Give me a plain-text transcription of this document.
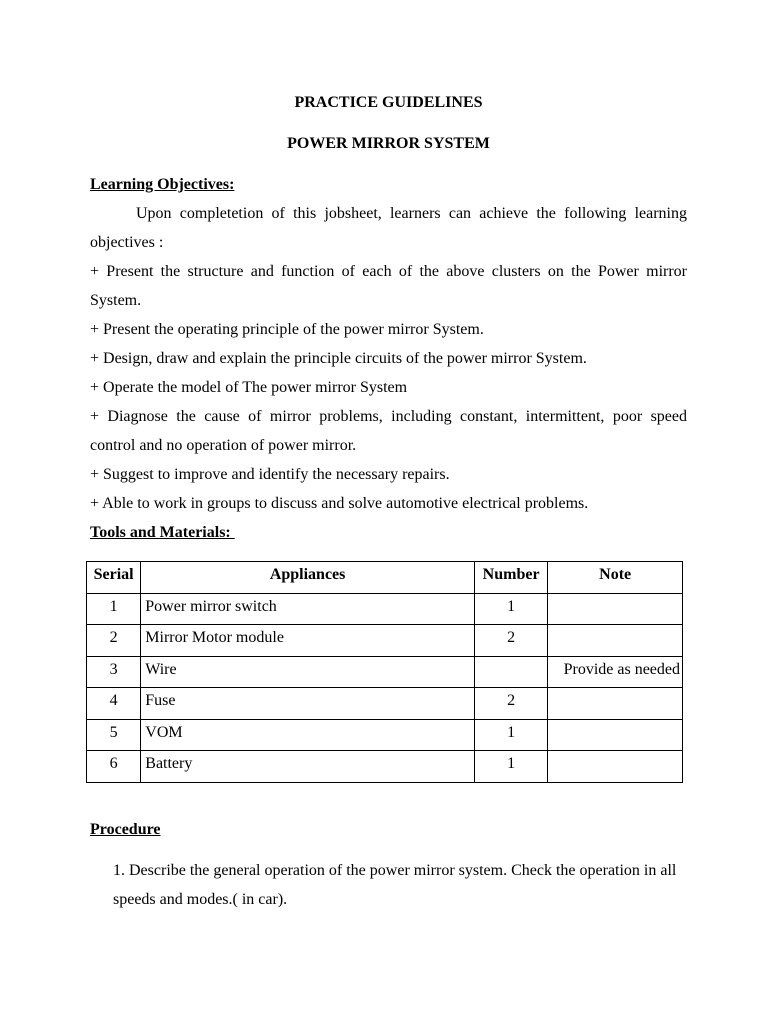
PRACTICE GUIDELINES

POWER MIRROR SYSTEM

Learning Objectives:

Upon completetion of this jobsheet, learners can achieve the following learning objectives :

+ Present the structure and function of each of the above clusters on the Power mirror System.

+ Present the operating principle of the power mirror System.

+ Design, draw and explain the principle circuits of the power mirror System.

+ Operate the model of The power mirror System

+ Diagnose the cause of mirror problems, including constant, intermittent, poor speed control and no operation of power mirror.

+ Suggest to improve and identify the necessary repairs.

+ Able to work in groups to discuss and solve automotive electrical problems.

Tools and Materials:

Serial	Appliances	Number	Note
1	Power mirror switch	1	
2	Mirror Motor module	2	
3	Wire		Provide as needed
4	Fuse	2	
5	VOM	1	
6	Battery	1	

Procedure

1. Describe the general operation of the power mirror system. Check the operation in all speeds and modes.( in car).
